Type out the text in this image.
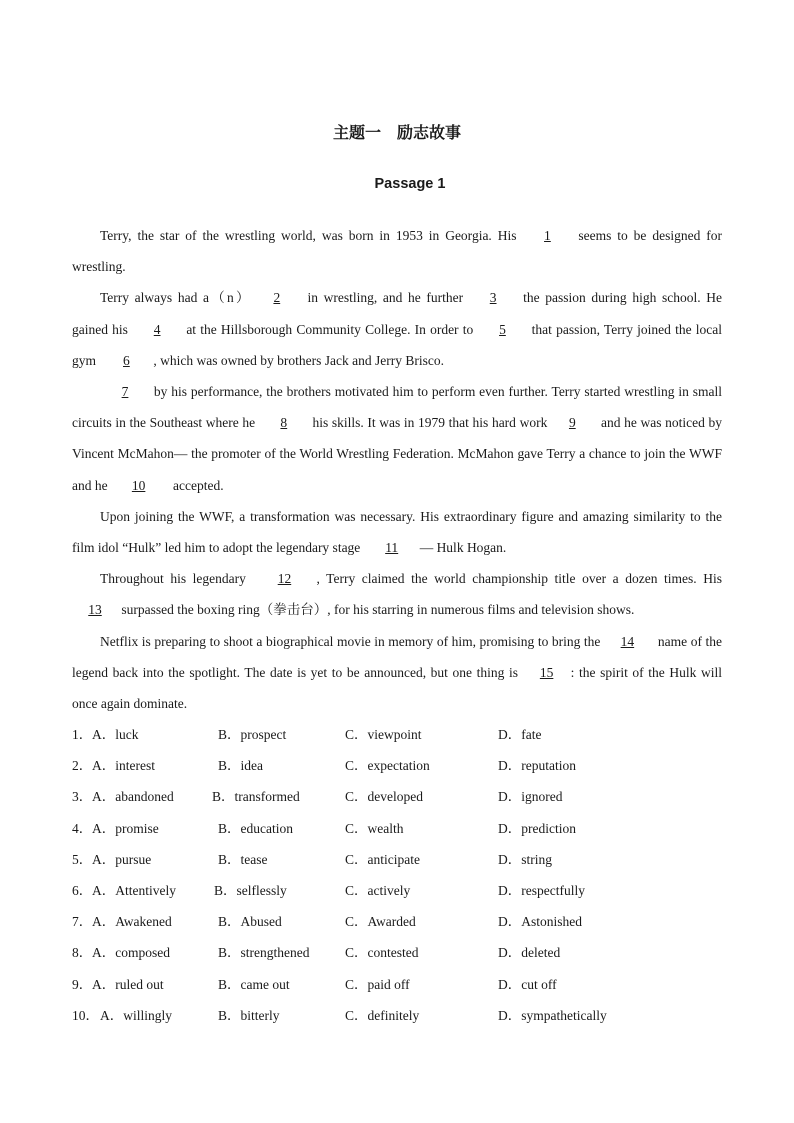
主题一　励志故事
Passage 1

Terry, the star of the wrestling world, was born in 1953 in Georgia. His 1 seems to be designed for wrestling.

Terry always had a（n） 2 in wrestling, and he further 3 the passion during high school. He gained his 4 at the Hillsborough Community College. In order to 5 that passion, Terry joined the local gym 6 , which was owned by brothers Jack and Jerry Brisco.

7 by his performance, the brothers motivated him to perform even further. Terry started wrestling in small circuits in the Southeast where he 8 his skills. It was in 1979 that his hard work 9 and he was noticed by Vincent McMahon— the promoter of the World Wrestling Federation. McMahon gave Terry a chance to join the WWF and he 10 accepted.

Upon joining the WWF, a transformation was necessary. His extraordinary figure and amazing similarity to the film idol “Hulk” led him to adopt the legendary stage 11 — Hulk Hogan.

Throughout his legendary 12 , Terry claimed the world championship title over a dozen times. His 13 surpassed the boxing ring（拳击台）, for his starring in numerous films and television shows.

Netflix is preparing to shoot a biographical movie in memory of him, promising to bring the 14 name of the legend back into the spotlight. The date is yet to be announced, but one thing is 15 : the spirit of the Hulk will once again dominate.

1． A．luck	B．prospect	C．viewpoint	D．fate
2． A．interest	B．idea	C．expectation	D．reputation
3． A．abandoned	B．transformed	C．developed	D．ignored
4． A．promise	B．education	C．wealth	D．prediction
5． A．pursue	B．tease	C．anticipate	D．string
6． A．Attentively	B．selflessly	C．actively	D．respectfully
7． A．Awakened	B．Abused	C．Awarded	D．Astonished
8． A．composed	B．strengthened	C．contested	D．deleted
9． A．ruled out	B．came out	C．paid off	D．cut off
10． A．willingly	B．bitterly	C．definitely	D．sympathetically
